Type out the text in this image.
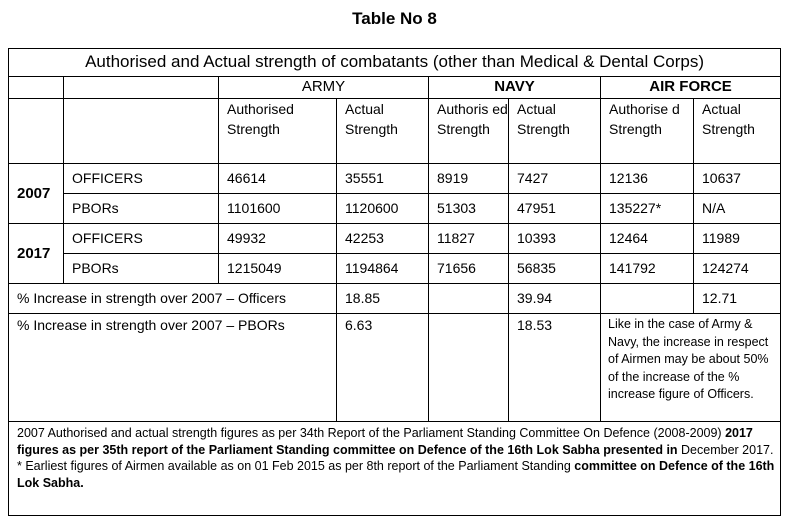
Table No 8
Authorised and Actual strength of combatants (other than Medical & Dental Corps)							
		ARMY		NAVY		AIR FORCE	
		Authorised Strength	Actual Strength	Authoris ed Strength	Actual Strength	Authorise d Strength	Actual Strength
2007	OFFICERS	46614	35551	8919	7427	12136	10637
	PBORs	1101600	1120600	51303	47951	135227*	N/A
2017	OFFICERS	49932	42253	11827	10393	12464	11989
	PBORs	1215049	1194864	71656	56835	141792	124274
% Increase in strength over 2007 – Officers			18.85		39.94		12.71
% Increase in strength over 2007 – PBORs			6.63		18.53	Like in the case of Army & Navy, the increase in respect of Airmen may be about 50% of the increase of the % increase figure of Officers.	
2007 Authorised and actual strength figures as per 34th Report of the Parliament Standing Committee On Defence (2008-2009) 2017 figures as per 35th report of the Parliament Standing committee on Defence of the 16th Lok Sabha presented in December 2017. * Earliest figures of Airmen available as on 01 Feb 2015 as per 8th report of the Parliament Standing committee on Defence of the 16th Lok Sabha.							
